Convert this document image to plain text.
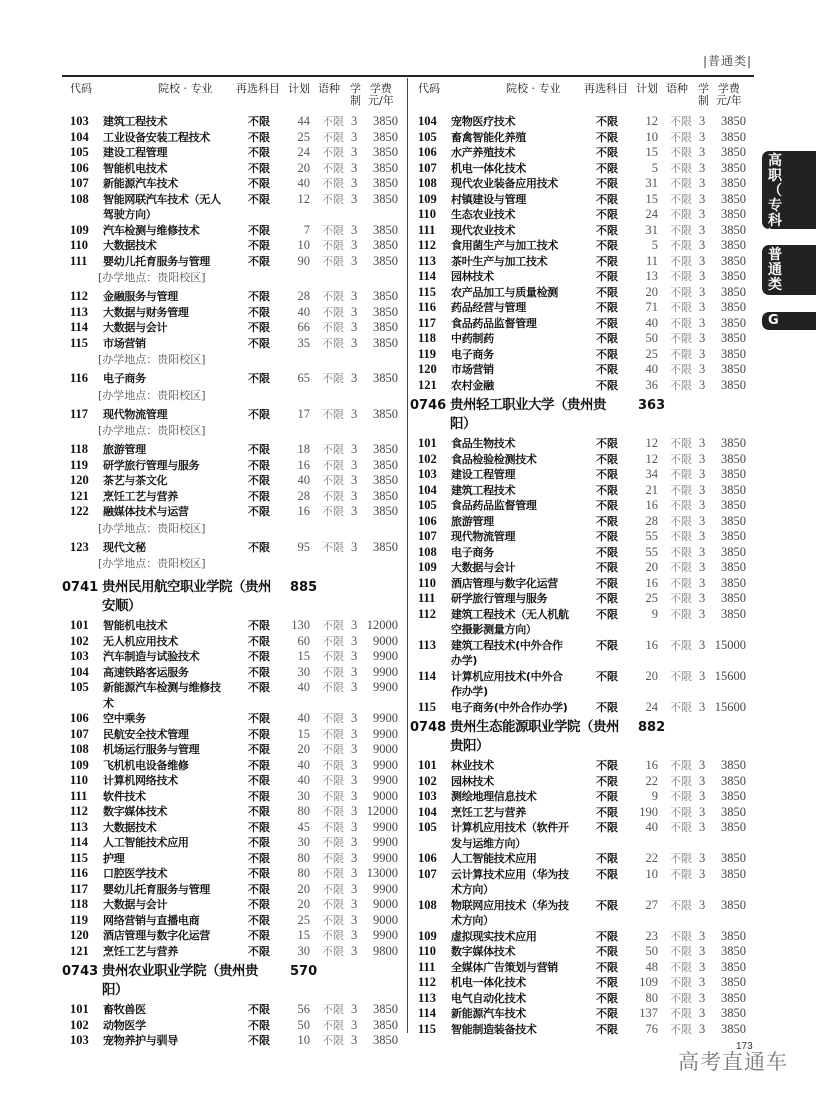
|普通类|
代码	院校 · 专业 再选科目 计划 语种 学
制
学费
元/年
103 建筑工程技术	不限 44 不限 3 3850
104 工业设备安装工程技术	不限 25 不限 3 3850
105 建设工程管理	不限 24 不限 3 3850
106 智能机电技术	不限 20 不限 3 3850
107 新能源汽车技术	不限 40 不限 3 3850
108 智能网联汽车技术（无人
驾驶方向）
不限 12 不限 3 3850
109 汽车检测与维修技术	不限	7 不限 3 3850
110 大数据技术	不限 10 不限 3 3850
111 婴幼儿托育服务与管理
[办学地点：贵阳校区]
不限 90 不限 3 3850
112 金融服务与管理	不限 28 不限 3 3850
113 大数据与财务管理	不限 40 不限 3 3850
114 大数据与会计	不限 66 不限 3 3850
115 市场营销
[办学地点：贵阳校区]
不限 35 不限 3 3850
116 电子商务
[办学地点：贵阳校区]
不限 65 不限 3 3850
117 现代物流管理
[办学地点：贵阳校区]
不限 17 不限 3 3850
118 旅游管理	不限 18 不限 3 3850
119 研学旅行管理与服务	不限 16 不限 3 3850
120 茶艺与茶文化	不限 40 不限 3 3850
121 烹饪工艺与营养	不限 28 不限 3 3850
122 融媒体技术与运营
[办学地点：贵阳校区]
不限 16 不限 3 3850
123 现代文秘
[办学地点：贵阳校区]
不限 95 不限 3 3850
0741 贵州民用航空职业学院（贵州
安顺）
885
101 智能机电技术	不限 130 不限 3 12000
102 无人机应用技术	不限 60 不限 3 9000
103 汽车制造与试验技术	不限 15 不限 3 9900
104 高速铁路客运服务	不限 30 不限 3 9900
105 新能源汽车检测与维修技
术
不限 40 不限 3 9900
106 空中乘务	不限 40 不限 3 9900
107 民航安全技术管理	不限 15 不限 3 9900
108 机场运行服务与管理	不限 20 不限 3 9000
109 飞机机电设备维修	不限 40 不限 3 9900
110 计算机网络技术	不限 40 不限 3 9900
111 软件技术	不限 30 不限 3 9000
112 数字媒体技术	不限 80 不限 3 12000
113 大数据技术	不限 45 不限 3 9900
114 人工智能技术应用	不限 30 不限 3 9900
115 护理	不限 80 不限 3 9900
116 口腔医学技术	不限 80 不限 3 13000
117 婴幼儿托育服务与管理	不限 20 不限 3 9900
118 大数据与会计	不限 20 不限 3 9000
119 网络营销与直播电商	不限 25 不限 3 9000
120 酒店管理与数字化运营	不限 15 不限 3 9900
121 烹饪工艺与营养	不限 30 不限 3 9800
0743 贵州农业职业学院（贵州贵
阳）
570
101 畜牧兽医	不限 56 不限 3 3850
102 动物医学	不限 50 不限 3 3850
103 宠物养护与驯导	不限 10 不限 3 3850
代码	院校 · 专业 再选科目 计划 语种 学
制
学费
元/年
104 宠物医疗技术	不限 12 不限 3 3850
105 畜禽智能化养殖	不限 10 不限 3 3850
106 水产养殖技术	不限 15 不限 3 3850
107 机电一体化技术	不限	5 不限 3 3850
108 现代农业装备应用技术	不限 31 不限 3 3850
109 村镇建设与管理	不限 15 不限 3 3850
110 生态农业技术	不限 24 不限 3 3850
111 现代农业技术	不限 31 不限 3 3850
112 食用菌生产与加工技术	不限	5 不限 3 3850
113 茶叶生产与加工技术	不限 11 不限 3 3850
114 园林技术	不限 13 不限 3 3850
115 农产品加工与质量检测	不限 20 不限 3 3850
116 药品经营与管理	不限 71 不限 3 3850
117 食品药品监督管理	不限 40 不限 3 3850
118 中药制药	不限 50 不限 3 3850
119 电子商务	不限 25 不限 3 3850
120 市场营销	不限 40 不限 3 3850
121 农村金融	不限 36 不限 3 3850
0746 贵州轻工职业大学（贵州贵
阳）
363
101 食品生物技术	不限 12 不限 3 3850
102 食品检验检测技术	不限 12 不限 3 3850
103 建设工程管理	不限 34 不限 3 3850
104 建筑工程技术	不限 21 不限 3 3850
105 食品药品监督管理	不限 16 不限 3 3850
106 旅游管理	不限 28 不限 3 3850
107 现代物流管理	不限 55 不限 3 3850
108 电子商务	不限 55 不限 3 3850
109 大数据与会计	不限 20 不限 3 3850
110 酒店管理与数字化运营	不限 16 不限 3 3850
111 研学旅行管理与服务	不限 25 不限 3 3850
112 建筑工程技术（无人机航
空摄影测量方向）
不限	9 不限 3 3850
113 建筑工程技术(中外合作
办学)
不限 16 不限 3 15000
114 计算机应用技术(中外合
作办学)
不限 20 不限 3 15600
115 电子商务(中外合作办学)	不限 24 不限 3 15600
0748 贵州生态能源职业学院（贵州
贵阳）
882
101 林业技术	不限 16 不限 3 3850
102 园林技术	不限 22 不限 3 3850
103 测绘地理信息技术	不限	9 不限 3 3850
104 烹饪工艺与营养	不限 190 不限 3 3850
105 计算机应用技术（软件开
发与运维方向）
不限 40 不限 3 3850
106 人工智能技术应用	不限 22 不限 3 3850
107 云计算技术应用（华为技
术方向）
不限 10 不限 3 3850
108 物联网应用技术（华为技
术方向）
不限 27 不限 3 3850
109 虚拟现实技术应用	不限 23 不限 3 3850
110 数字媒体技术	不限 50 不限 3 3850
111 全媒体广告策划与营销	不限 48 不限 3 3850
112 机电一体化技术	不限 109 不限 3 3850
113 电气自动化技术	不限 80 不限 3 3850
114 新能源汽车技术	不限 137 不限 3 3850
115 智能制造装备技术	不限 76 不限 3 3850
高
职
（
专
科
）
普
通
类
G
173
高考直通车
